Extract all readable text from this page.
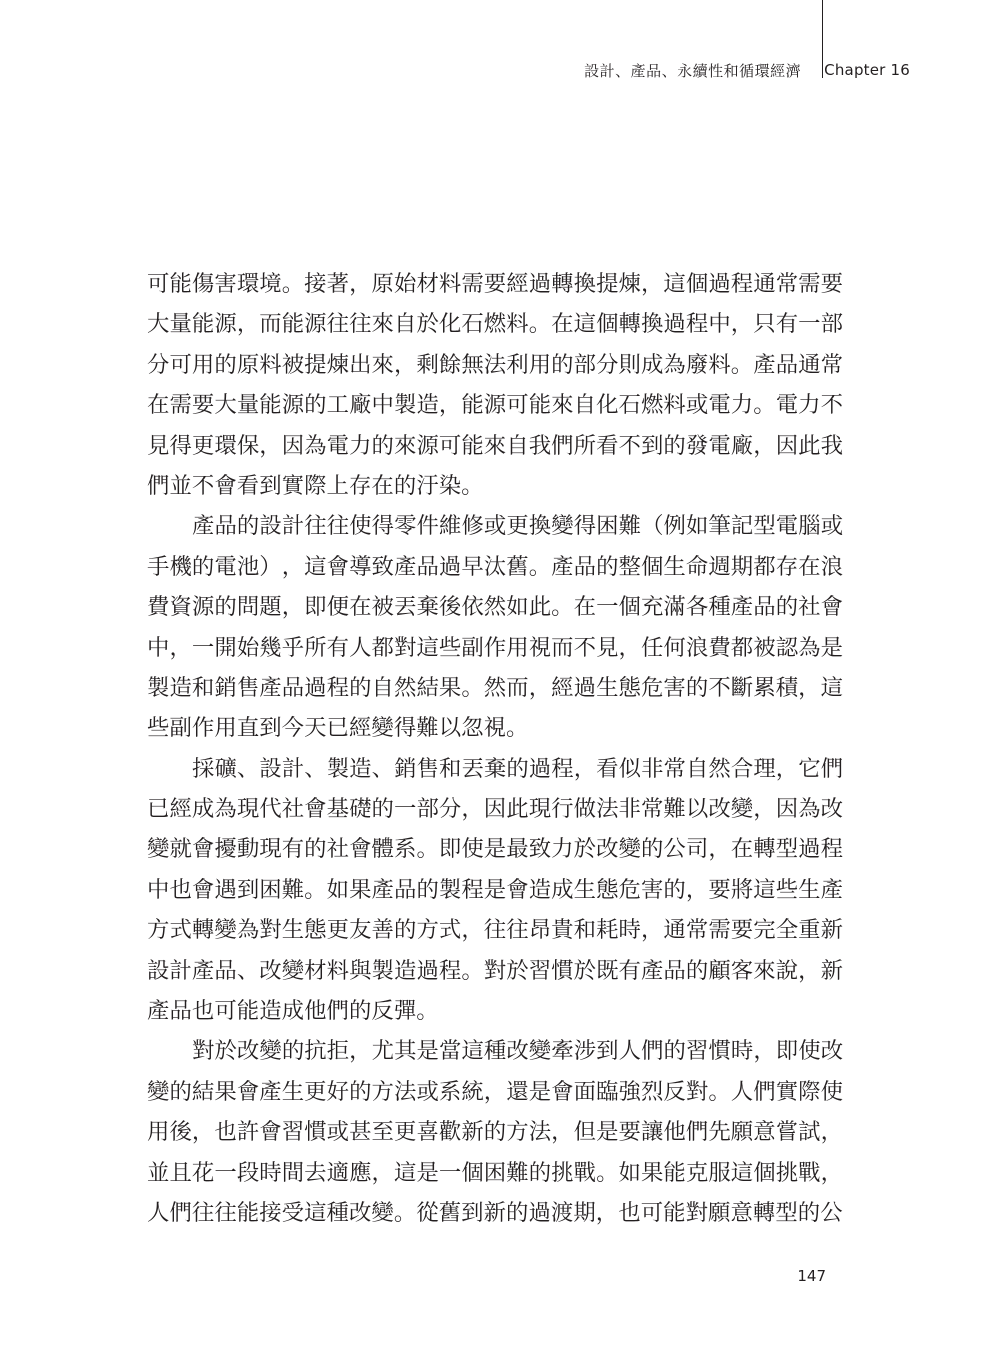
設計、產品、永續性和循環經濟	Chapter 16
可 能 傷 害 環 境 。 接 著 ， 原 始 材 料 需 要 經 過 轉 換 提 煉 ， 這 個 過 程 通 常 需 要
大 量 能 源 ， 而 能 源 往 往 來 自 於 化 石 燃 料 。 在 這 個 轉 換 過 程 中 ， 只 有 一 部
分 可 用 的 原 料 被 提 煉 出 來 ， 剩 餘 無 法 利 用 的 部 分 則 成 為 廢 料 。 產 品 通 常
在 需 要 大 量 能 源 的 工 廠 中 製 造 ， 能 源 可 能 來 自 化 石 燃 料 或 電 力 。 電 力 不
見 得 更 環 保 ， 因 為 電 力 的 來 源 可 能 來 自 我 們 所 看 不 到 的 發 電 廠 ， 因 此 我
們並不會看到實際上存在的汙染。
產 品 的 設 計 往 往 使 得 零 件 維 修 或 更 換 變 得 困 難 （ 例 如 筆 記 型 電 腦 或
手 機 的 電 池 ） ， 這 會 導 致 產 品 過 早 汰 舊 。 產 品 的 整 個 生 命 週 期 都 存 在 浪
費 資 源 的 問 題 ， 即 便 在 被 丟 棄 後 依 然 如 此 。 在 一 個 充 滿 各 種 產 品 的 社 會
中 ， 一 開 始 幾 乎 所 有 人 都 對 這 些 副 作 用 視 而 不 見 ， 任 何 浪 費 都 被 認 為 是
製 造 和 銷 售 產 品 過 程 的 自 然 結 果 。 然 而 ， 經 過 生 態 危 害 的 不 斷 累 積 ， 這
些副作用直到今天已經變得難以忽視。
採 礦 、 設 計 、 製 造 、 銷 售 和 丟 棄 的 過 程 ， 看 似 非 常 自 然 合 理 ， 它 們
已 經 成 為 現 代 社 會 基 礎 的 一 部 分 ， 因 此 現 行 做 法 非 常 難 以 改 變 ， 因 為 改
變 就 會 擾 動 現 有 的 社 會 體 系 。 即 使 是 最 致 力 於 改 變 的 公 司 ， 在 轉 型 過 程
中 也 會 遇 到 困 難 。 如 果 產 品 的 製 程 是 會 造 成 生 態 危 害 的 ， 要 將 這 些 生 產
方 式 轉 變 為 對 生 態 更 友 善 的 方 式 ， 往 往 昂 貴 和 耗 時 ， 通 常 需 要 完 全 重 新
設 計 產 品 、 改 變 材 料 與 製 造 過 程 。 對 於 習 慣 於 既 有 產 品 的 顧 客 來 說 ， 新
產品也可能造成他們的反彈。
對 於 改 變 的 抗 拒 ， 尤 其 是 當 這 種 改 變 牽 涉 到 人 們 的 習 慣 時 ， 即 使 改
變 的 結 果 會 產 生 更 好 的 方 法 或 系 統 ， 還 是 會 面 臨 強 烈 反 對 。 人 們 實 際 使
用 後 ， 也 許 會 習 慣 或 甚 至 更 喜 歡 新 的 方 法 ， 但 是 要 讓 他 們 先 願 意 嘗 試 ，
並 且 花 一 段 時 間 去 適 應 ， 這 是 一 個 困 難 的 挑 戰 。 如 果 能 克 服 這 個 挑 戰 ，
人們往往能接受這種改變。從舊到新的過渡期，也可能對願意轉型的公
147
